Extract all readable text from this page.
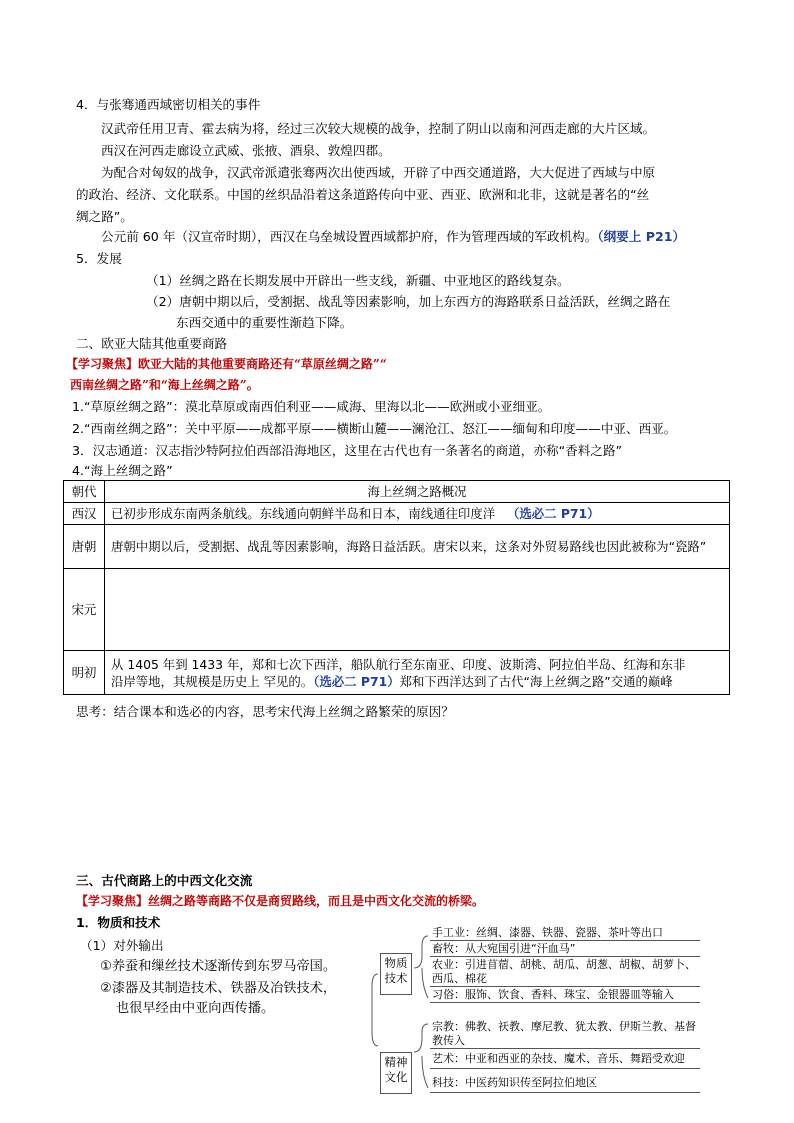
4．与张骞通西域密切相关的事件
汉武帝任用卫青、霍去病为将，经过三次较大规模的战争，控制了阴山以南和河西走廊的大片区域。
西汉在河西走廊设立武威、张掖、酒泉、敦煌四郡。
为配合对匈奴的战争，汉武帝派遣张骞两次出使西域，开辟了中西交通道路，大大促进了西域与中原
的政治、经济、文化联系。中国的丝织品沿着这条道路传向中亚、西亚、欧洲和北非，这就是著名的“丝
绸之路”。
公元前 60 年（汉宣帝时期），西汉在乌垒城设置西域都护府，作为管理西域的军政机构。（纲要上 P21）
5．发展
（1）丝绸之路在长期发展中开辟出一些支线，新疆、中亚地区的路线复杂。
（2）唐朝中期以后，受割据、战乱等因素影响，加上东西方的海路联系日益活跃，丝绸之路在
东西交通中的重要性渐趋下降。
二、欧亚大陆其他重要商路
【学习聚焦】欧亚大陆的其他重要商路还有“草原丝绸之路”“
西南丝绸之路”和“海上丝绸之路”。
1.“草原丝绸之路”：漠北草原或南西伯利亚——咸海、里海以北——欧洲或小亚细亚。
2.“西南丝绸之路”：关中平原——成都平原——横断山麓——澜沧江、怒江——缅甸和印度——中亚、西亚。
3．汉志通道：汉志指沙特阿拉伯西部沿海地区，这里在古代也有一条著名的商道，亦称“香料之路”
4.“海上丝绸之路”
朝代	海上丝绸之路概况
西汉	已初步形成东南两条航线。东线通向朝鲜半岛和日本，南线通往印度洋 （选必二 P71）
唐朝	唐朝中期以后，受割据、战乱等因素影响，海路日益活跃。唐宋以来，这条对外贸易路线也因此被称为“瓷路”
宋元	
明初	从 1405 年到 1433 年，郑和七次下西洋，船队航行至东南亚、印度、波斯湾、阿拉伯半岛、红海和东非
沿岸等地，其规模是历史上 罕见的。（选必二 P71）郑和下西洋达到了古代“海上丝绸之路”交通的巅峰
思考：结合课本和选必的内容，思考宋代海上丝绸之路繁荣的原因？
三、古代商路上的中西文化交流
【学习聚焦】丝绸之路等商路不仅是商贸路线，而且是中西文化交流的桥梁。
1．物质和技术
（1）对外输出
①养蚕和缫丝技术逐渐传到东罗马帝国。
②漆器及其制造技术、铁器及冶铁技术，
也很早经由中亚向西传播。
物质技术
精神文化
手工业：丝绸、漆器、铁器、瓷器、茶叶等出口
畜牧：从大宛国引进“汗血马”
农业：引进苜蓿、胡桃、胡瓜、胡葱、胡椒、胡萝卜、西瓜、棉花
习俗：服饰、饮食、香料、珠宝、金银器皿等输入
宗教：佛教、祆教、摩尼教、犹太教、伊斯兰教、基督教传入
艺术：中亚和西亚的杂技、魔术、音乐、舞蹈受欢迎
科技：中医药知识传至阿拉伯地区
